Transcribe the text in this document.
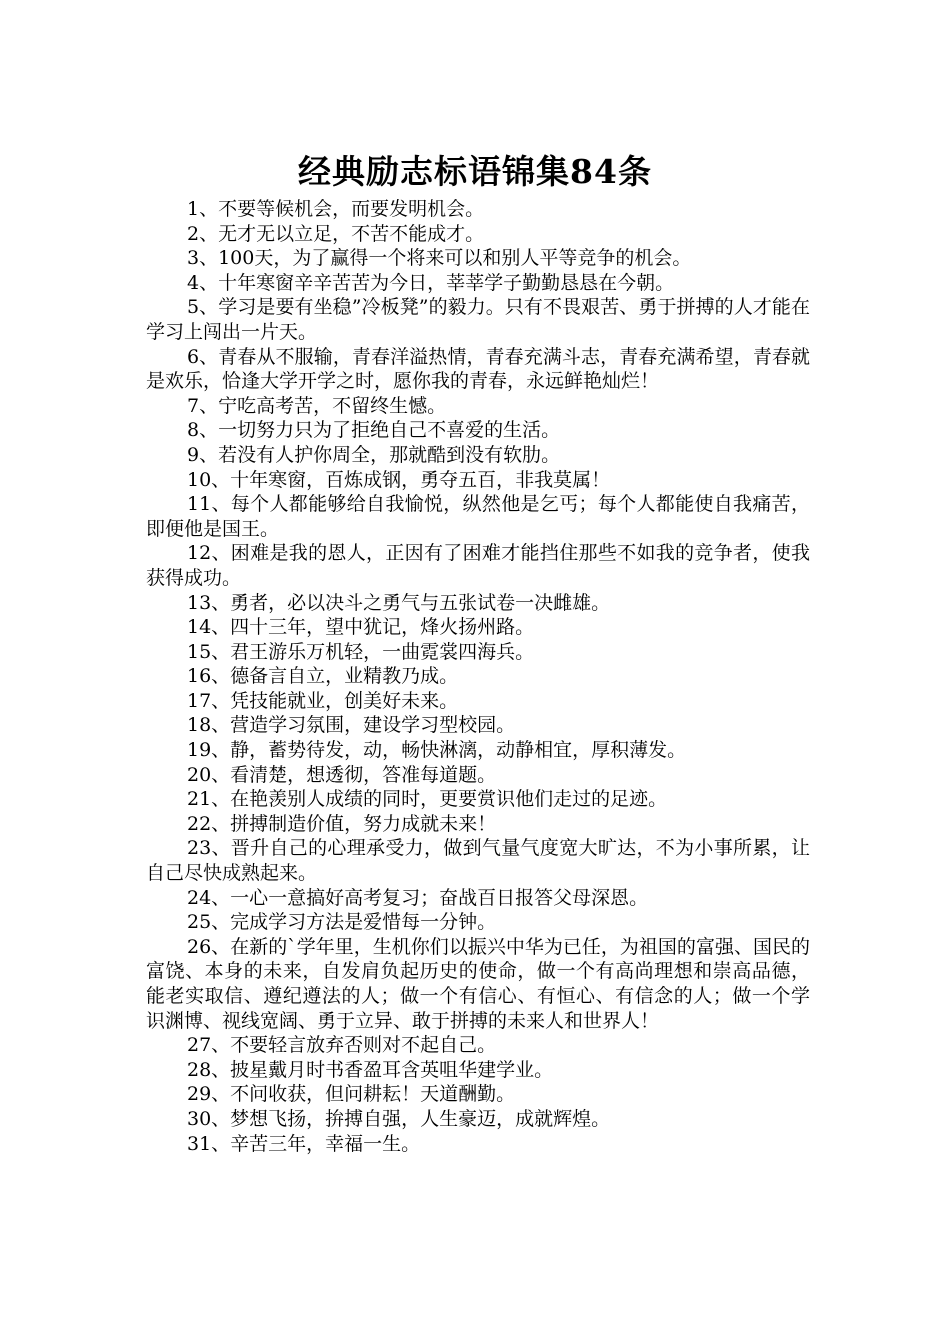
经典励志标语锦集84条

1、不要等候机会，而要发明机会。

2、无才无以立足，不苦不能成才。

3、100天，为了赢得一个将来可以和别人平等竞争的机会。

4、十年寒窗辛辛苦苦为今日，莘莘学子勤勤恳恳在今朝。

5、学习是要有坐稳”冷板凳”的毅力。只有不畏艰苦、勇于拼搏的人才能在学习上闯出一片天。

6、青春从不服输，青春洋溢热情，青春充满斗志，青春充满希望，青春就是欢乐，恰逢大学开学之时，愿你我的青春，永远鲜艳灿烂！

7、宁吃高考苦，不留终生憾。

8、一切努力只为了拒绝自己不喜爱的生活。

9、若没有人护你周全，那就酷到没有软肋。

10、十年寒窗，百炼成钢，勇夺五百，非我莫属！

11、每个人都能够给自我愉悦，纵然他是乞丐；每个人都能使自我痛苦，即便他是国王。

12、困难是我的恩人，正因有了困难才能挡住那些不如我的竞争者，使我获得成功。

13、勇者，必以决斗之勇气与五张试卷一决雌雄。

14、四十三年，望中犹记，烽火扬州路。

15、君王游乐万机轻，一曲霓裳四海兵。

16、德备言自立，业精教乃成。

17、凭技能就业，创美好未来。

18、营造学习氛围，建设学习型校园。

19、静，蓄势待发，动，畅快淋漓，动静相宜，厚积薄发。

20、看清楚，想透彻，答准每道题。

21、在艳羡别人成绩的同时，更要赏识他们走过的足迹。

22、拼搏制造价值，努力成就未来！

23、晋升自己的心理承受力，做到气量气度宽大旷达，不为小事所累，让自己尽快成熟起来。

24、一心一意搞好高考复习；奋战百日报答父母深恩。

25、完成学习方法是爱惜每一分钟。

26、在新的`学年里，生机你们以振兴中华为已任，为祖国的富强、国民的富饶、本身的未来，自发肩负起历史的使命，做一个有高尚理想和崇高品德，能老实取信、遵纪遵法的人；做一个有信心、有恒心、有信念的人；做一个学识渊博、视线宽阔、勇于立异、敢于拼搏的未来人和世界人！

27、不要轻言放弃否则对不起自己。

28、披星戴月时书香盈耳含英咀华建学业。

29、不问收获，但问耕耘！天道酬勤。

30、梦想飞扬，拚搏自强，人生豪迈，成就辉煌。

31、辛苦三年，幸福一生。
